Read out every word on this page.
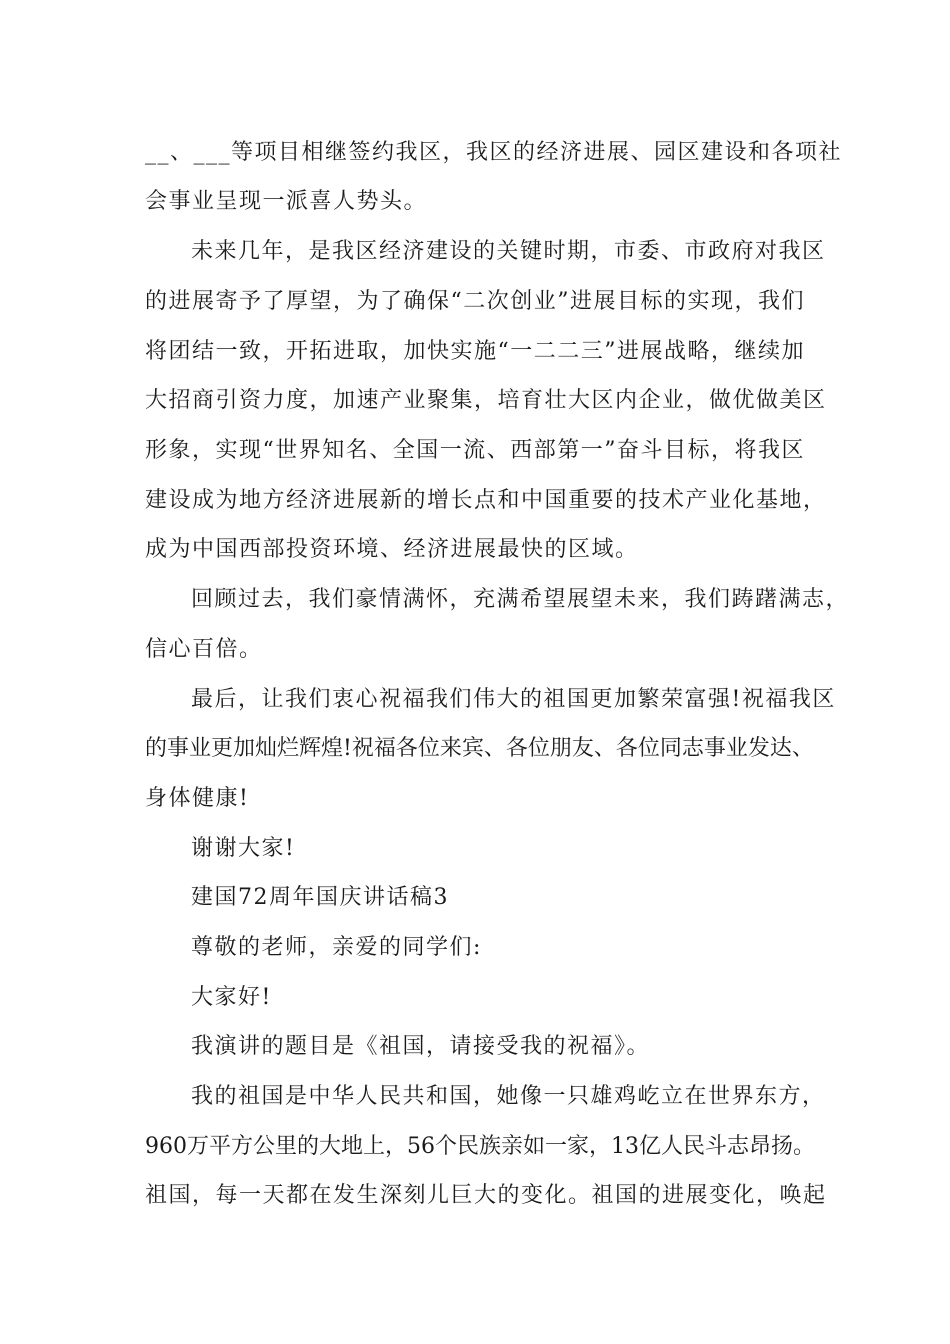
__、___等项目相继签约我区，我区的经济进展、园区建设和各项社
会事业呈现一派喜人势头。
未来几年，是我区经济建设的关键时期，市委、市政府对我区
的进展寄予了厚望，为了确保“二次创业”进展目标的实现，我们
将团结一致，开拓进取，加快实施“一二二三”进展战略，继续加
大招商引资力度，加速产业聚集，培育壮大区内企业，做优做美区
形象，实现“世界知名、全国一流、西部第一”奋斗目标，将我区
建设成为地方经济进展新的增长点和中国重要的技术产业化基地，
成为中国西部投资环境、经济进展最快的区域。
回顾过去，我们豪情满怀，充满希望展望未来，我们踌躇满志，
信心百倍。
最后，让我们衷心祝福我们伟大的祖国更加繁荣富强!祝福我区
的事业更加灿烂辉煌!祝福各位来宾、各位朋友、各位同志事业发达、
身体健康!
谢谢大家!
建国72周年国庆讲话稿3
尊敬的老师，亲爱的同学们:
大家好!
我演讲的题目是《祖国，请接受我的祝福》。
我的祖国是中华人民共和国，她像一只雄鸡屹立在世界东方，
960万平方公里的大地上，56个民族亲如一家，13亿人民斗志昂扬。
祖国，每一天都在发生深刻儿巨大的变化。祖国的进展变化，唤起
